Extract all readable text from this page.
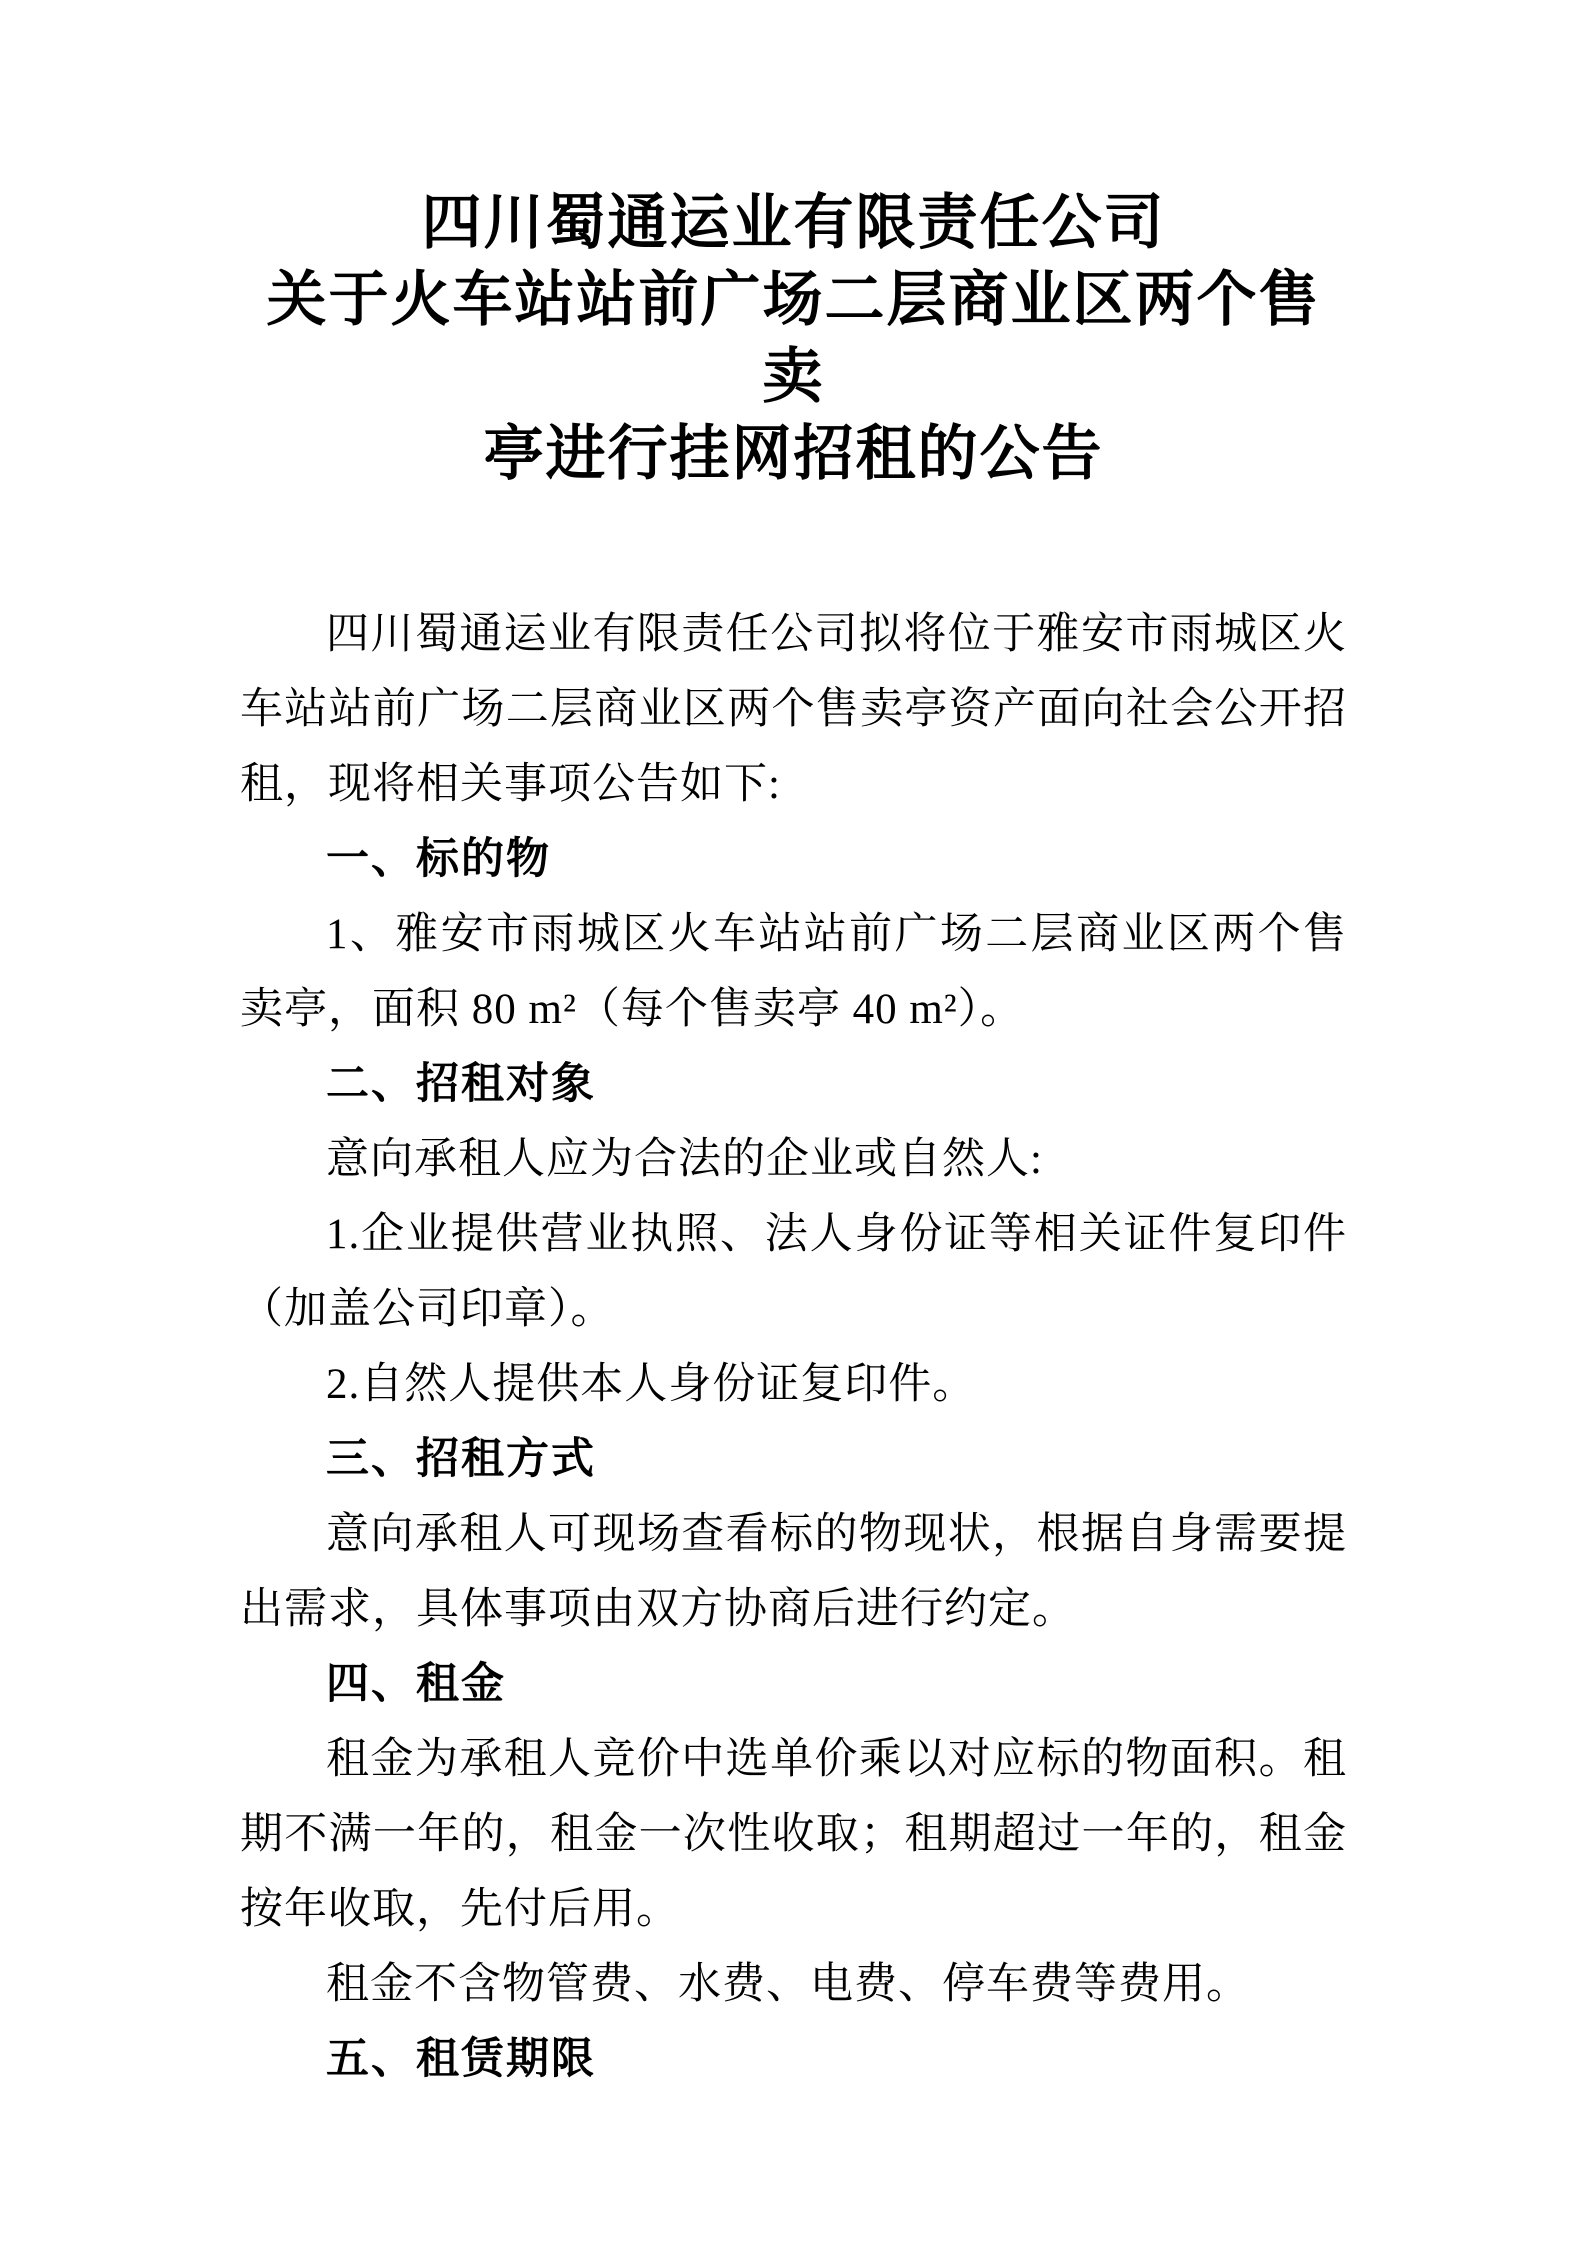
四川蜀通运业有限责任公司
关于火车站站前广场二层商业区两个售卖
亭进行挂网招租的公告

四川蜀通运业有限责任公司拟将位于雅安市雨城区火车站站前广场二层商业区两个售卖亭资产面向社会公开招租，现将相关事项公告如下:

一、标的物

1、雅安市雨城区火车站站前广场二层商业区两个售卖亭，面积 80 m²（每个售卖亭 40 m²）。

二、招租对象

意向承租人应为合法的企业或自然人:

1.企业提供营业执照、法人身份证等相关证件复印件（加盖公司印章）。

2.自然人提供本人身份证复印件。

三、招租方式

意向承租人可现场查看标的物现状，根据自身需要提出需求，具体事项由双方协商后进行约定。

四、租金

租金为承租人竞价中选单价乘以对应标的物面积。租期不满一年的，租金一次性收取；租期超过一年的，租金按年收取，先付后用。

租金不含物管费、水费、电费、停车费等费用。

五、租赁期限
